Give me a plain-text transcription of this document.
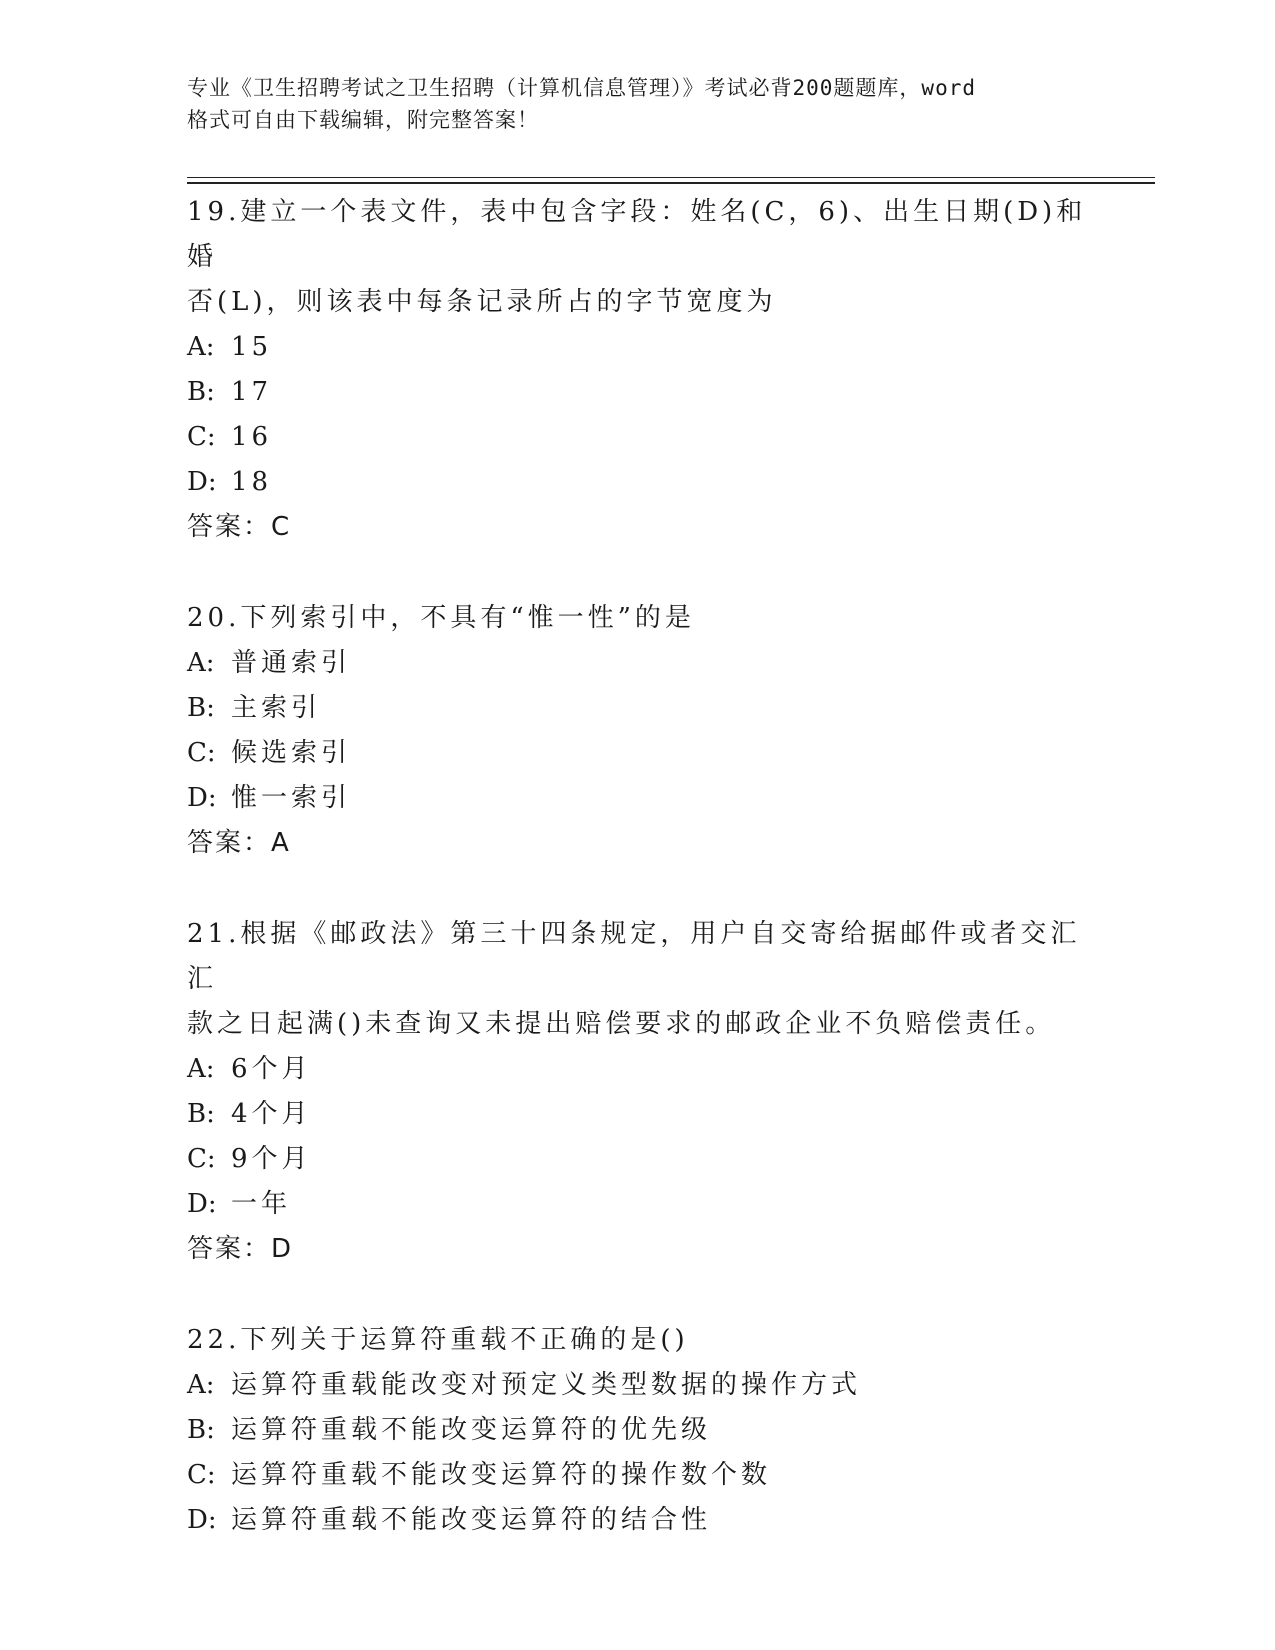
专业《卫生招聘考试之卫生招聘（计算机信息管理）》考试必背200题题库，word
格式可自由下载编辑，附完整答案！
19.建立一个表文件，表中包含字段：姓名(C，6)、出生日期(D)和婚
否(L)，则该表中每条记录所占的字节宽度为
A: 15
B: 17
C: 16
D: 18
答案：C
20.下列索引中，不具有“惟一性”的是
A: 普通索引
B: 主索引
C: 候选索引
D: 惟一索引
答案：A
21.根据《邮政法》第三十四条规定，用户自交寄给据邮件或者交汇汇
款之日起满()未查询又未提出赔偿要求的邮政企业不负赔偿责任。
A: 6个月
B: 4个月
C: 9个月
D: 一年
答案：D
22.下列关于运算符重载不正确的是()
A: 运算符重载能改变对预定义类型数据的操作方式
B: 运算符重载不能改变运算符的优先级
C: 运算符重载不能改变运算符的操作数个数
D: 运算符重载不能改变运算符的结合性
